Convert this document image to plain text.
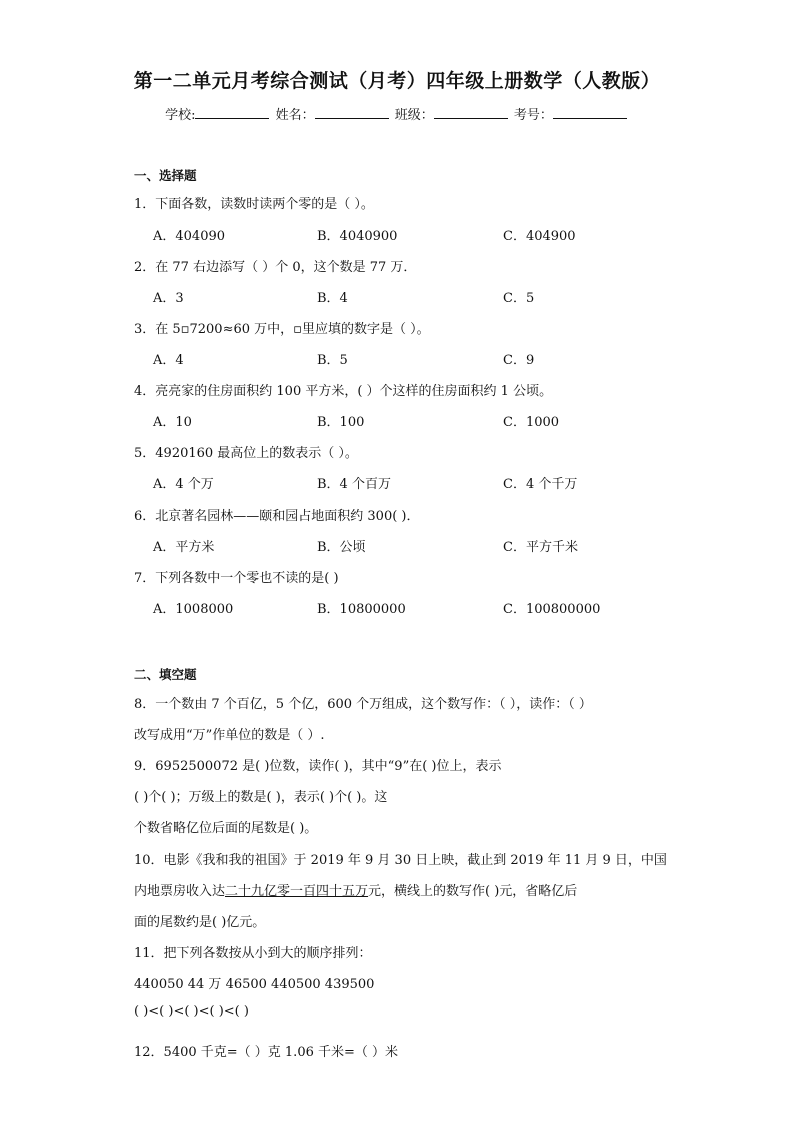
第一二单元月考综合测试（月考）四年级上册数学（人教版）
学校:	姓名：	班级：	考号：
一、选择题
1．下面各数，读数时读两个零的是（ ）。
A．404090	B．4040900	C．404900
2．在 77 右边添写（ ）个 0，这个数是 77 万．
A．3	B．4	C．5
3．在 5▫7200≈60 万中，▫里应填的数字是（ ）。
A．4	B．5	C．9
4．亮亮家的住房面积约 100 平方米，( ）个这样的住房面积约 1 公顷。
A．10	B．100	C．1000
5．4920160 最高位上的数表示（ ）。
A．4 个万	B．4 个百万	C．4 个千万
6．北京著名园林——颐和园占地面积约 300( )．
A．平方米	B．公顷	C．平方千米
7．下列各数中一个零也不读的是( )
A．1008000	B．10800000	C．100800000
二、填空题
8．一个数由 7 个百亿，5 个亿，600 个万组成，这个数写作：（ ），读作：（ ）
改写成用“万”作单位的数是（ ）.
9．6952500072 是( )位数，读作( )，其中“9”在( )位上，表示
( )个( )；万级上的数是( )，表示( )个( )。这
个数省略亿位后面的尾数是( )。
10．电影《我和我的祖国》于 2019 年 9 月 30 日上映，截止到 2019 年 11 月 9 日，中国
内地票房收入达二十九亿零一百四十五万元，横线上的数写作( )元，省略亿后
面的尾数约是( )亿元。
11．把下列各数按从小到大的顺序排列：
440050 44 万 46500 440500 439500
( )<( )<( )<( )<( )
12．5400 千克=（ ）克 1.06 千米=（ ）米
